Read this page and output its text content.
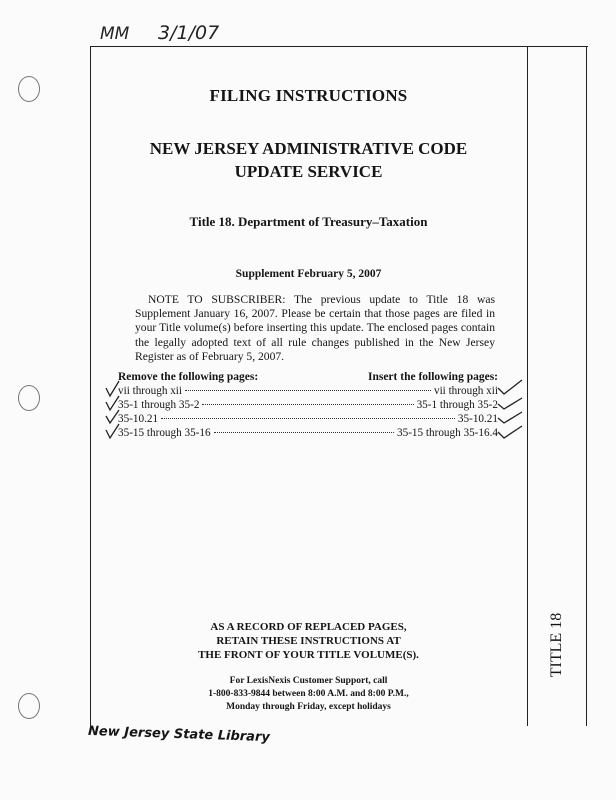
MM 3/1/07
FILING INSTRUCTIONS
NEW JERSEY ADMINISTRATIVE CODE
UPDATE SERVICE
Title 18. Department of Treasury–Taxation
Supplement February 5, 2007
NOTE TO SUBSCRIBER: The previous update to Title 18 was Supplement January 16, 2007. Please be certain that those pages are filed in your Title volume(s) before inserting this update. The enclosed pages contain the legally adopted text of all rule changes published in the New Jersey Register as of February 5, 2007.
Remove the following pages:	Insert the following pages:
vii through xii	vii through xii
35-1 through 35-2	35-1 through 35-2
35-10.21	35-10.21
35-15 through 35-16	35-15 through 35-16.4
AS A RECORD OF REPLACED PAGES,
RETAIN THESE INSTRUCTIONS AT
THE FRONT OF YOUR TITLE VOLUME(S).
For LexisNexis Customer Support, call
1-800-833-9844 between 8:00 A.M. and 8:00 P.M.,
Monday through Friday, except holidays
TITLE 18
New Jersey State Library
